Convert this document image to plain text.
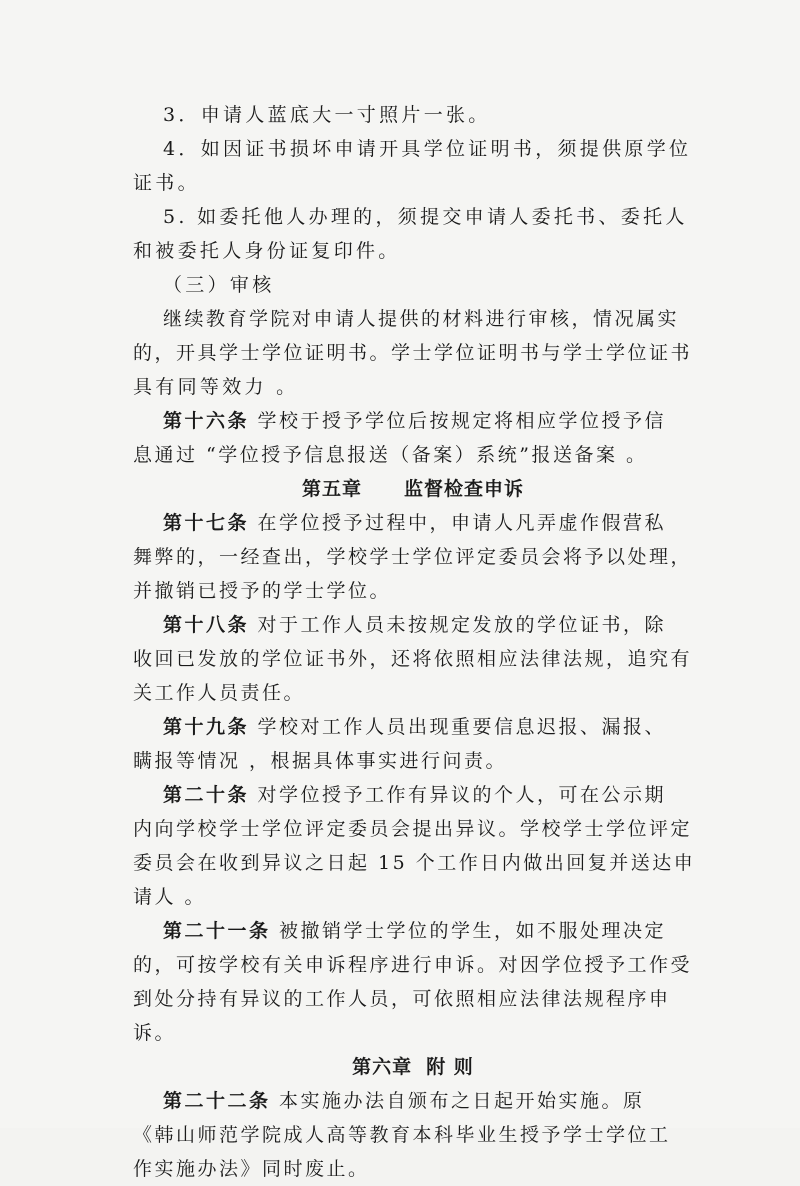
3．申请人蓝底大一寸照片一张。
4．如因证书损坏申请开具学位证明书，须提供原学位
证书。
5. 如委托他人办理的，须提交申请人委托书、委托人
和被委托人身份证复印件。
（三）审核
继续教育学院对申请人提供的材料进行审核，情况属实
的，开具学士学位证明书。学士学位证明书与学士学位证书
具有同等效力 。
第十六条 学校于授予学位后按规定将相应学位授予信
息通过 “学位授予信息报送（备案）系统”报送备案 。
第五章 监督检查申诉
第十七条 在学位授予过程中，申请人凡弄虚作假营私
舞弊的，一经查出，学校学士学位评定委员会将予以处理，
并撤销已授予的学士学位。
第十八条 对于工作人员未按规定发放的学位证书，除
收回已发放的学位证书外，还将依照相应法律法规，追究有
关工作人员责任。
第十九条 学校对工作人员出现重要信息迟报、漏报、
瞒报等情况 ，根据具体事实进行问责。
第二十条 对学位授予工作有异议的个人，可在公示期
内向学校学士学位评定委员会提出异议。学校学士学位评定
委员会在收到异议之日起 15 个工作日内做出回复并送达申
请人 。
第二十一条 被撤销学士学位的学生，如不服处理决定
的，可按学校有关申诉程序进行申诉。对因学位授予工作受
到处分持有异议的工作人员，可依照相应法律法规程序申
诉。
第六章 附 则
第二十二条 本实施办法自颁布之日起开始实施。原
《韩山师范学院成人高等教育本科毕业生授予学士学位工
作实施办法》同时废止。
